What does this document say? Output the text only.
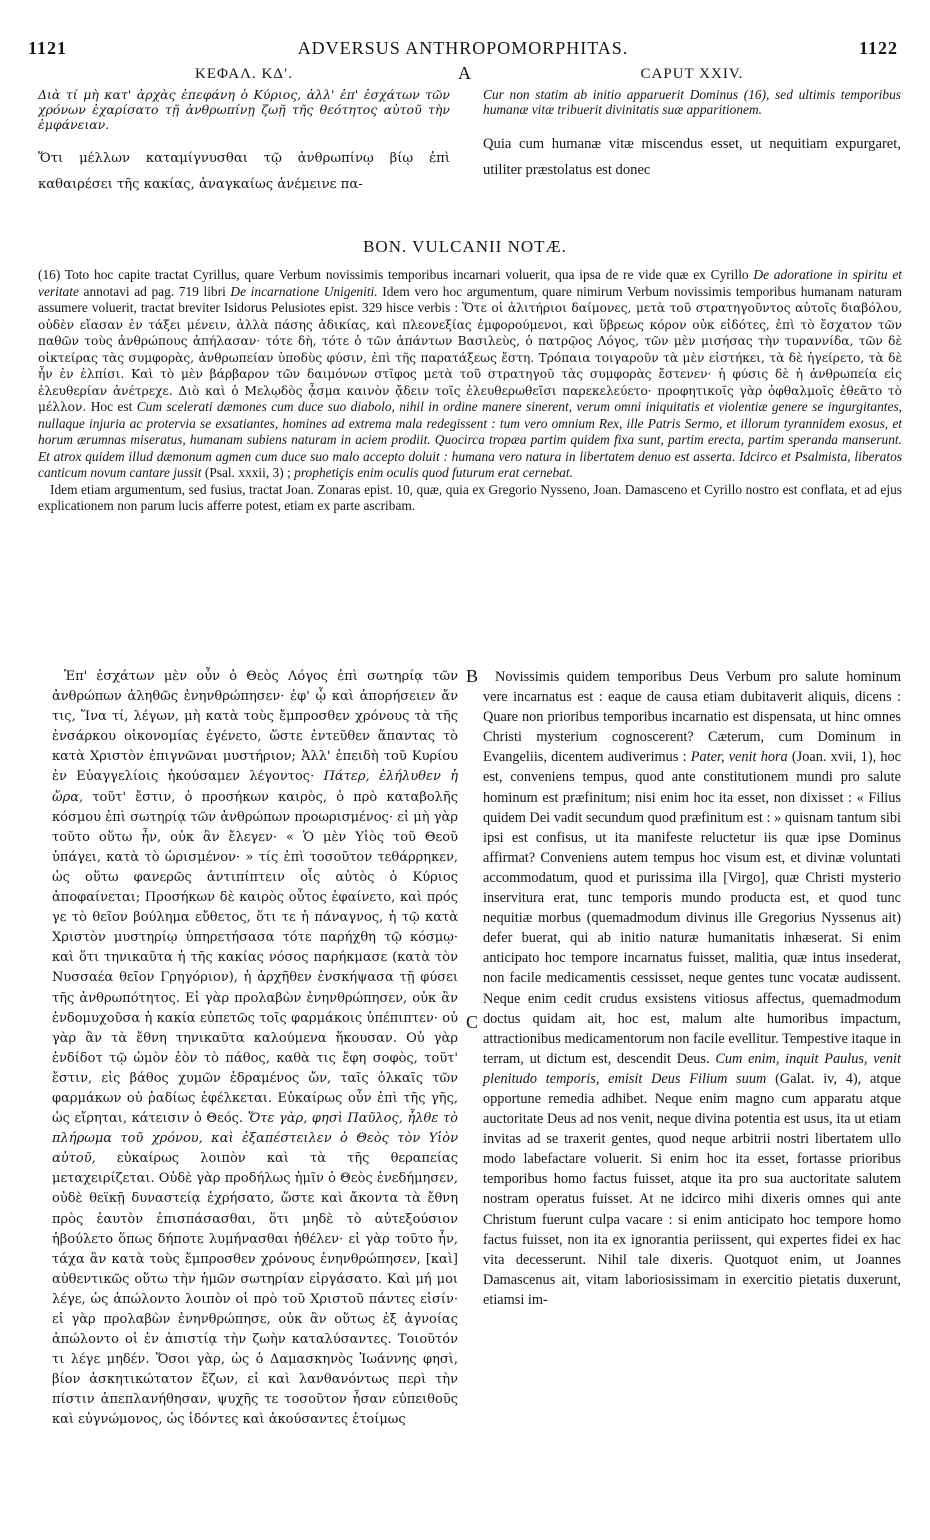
1121	ADVERSUS ANTHROPOMORPHITAS.	1122
A
ΚΕΦΑΛ. ΚΔʹ.

Διὰ τί μὴ κατ' ἀρχὰς ἐπεφάνη ὁ Κύριος, ἀλλ' ἐπ' ἐσχάτων τῶν χρόνων ἐχαρίσατο τῇ ἀνθρωπίνῃ ζωῇ τῆς θεότητος αὐτοῦ τὴν ἐμφάνειαν.

Ὅτι μέλλων καταμίγνυσθαι τῷ ἀνθρωπίνῳ βίῳ ἐπὶ καθαιρέσει τῆς κακίας, ἀναγκαίως ἀνέμεινε πα-

CAPUT XXIV.

Cur non statim ab initio apparuerit Dominus (16), sed ultimis temporibus humanæ vitæ tribuerit divinitatis suæ apparitionem.

Quia cum humanæ vitæ miscendus esset, ut nequitiam expurgaret, utiliter præstolatus est donec

BON. VULCANII NOTÆ.

(16) Toto hoc capite tractat Cyrillus, quare Verbum novissimis temporibus incarnari voluerit, qua ipsa de re vide quæ ex Cyrillo De adoratione in spiritu et veritate annotavi ad pag. 719 libri De incarnatione Unigeniti. Idem vero hoc argumentum, quare nimirum Verbum novissimis temporibus humanam naturam assumere voluerit, tractat breviter Isidorus Pelusiotes epist. 329 hisce verbis : Ὅτε οἱ ἀλιτήριοι δαίμονες, μετὰ τοῦ στρατηγοῦντος αὐτοῖς διαβόλου, οὐδὲν εἴασαν ἐν τάξει μένειν, ἀλλὰ πάσης ἀδικίας, καὶ πλεονεξίας ἐμφορούμενοι, καὶ ὕβρεως κόρον οὐκ εἰδότες, ἐπὶ τὸ ἔσχατον τῶν παθῶν τοὺς ἀνθρώπους ἀπήλασαν· τότε δὴ, τότε ὁ τῶν ἁπάντων Βασιλεὺς, ὁ πατρῷος Λόγος, τῶν μὲν μισήσας τὴν τυραννίδα, τῶν δὲ οἰκτείρας τὰς συμφορὰς, ἀνθρωπείαν ὑποδὺς φύσιν, ἐπὶ τῆς παρατάξεως ἔστη. Τρόπαια τοιγαροῦν τὰ μὲν εἱστήκει, τὰ δὲ ἠγείρετο, τὰ δὲ ἦν ἐν ἐλπίσι. Καὶ τὸ μὲν βάρβαρον τῶν δαιμόνων στῖφος μετὰ τοῦ στρατηγοῦ τὰς συμφορὰς ἔστενεν· ἡ φύσις δὲ ἡ ἀνθρωπεία εἰς ἐλευθερίαν ἀνέτρεχε. Διὸ καὶ ὁ Μελῳδὸς ᾆσμα καινὸν ᾄδειν τοῖς ἐλευθερωθεῖσι παρεκελεύετο· προφητικοῖς γὰρ ὀφθαλμοῖς ἐθεᾶτο τὸ μέλλον. Hoc est Cum scelerati dæmones cum duce suo diabolo, nihil in ordine manere sinerent, verum omni iniquitatis et violentiæ genere se ingurgitantes, nullaque injuria ac protervia se exsatiantes, homines ad extrema mala redegissent : tum vero omnium Rex, ille Patris Sermo, et illorum tyrannidem exosus, et horum ærumnas miseratus, humanam subiens naturam in aciem prodiit. Quocirca tropæa partim quidem fixa sunt, partim erecta, partim speranda manserunt. Et atrox quidem illud dæmonum agmen cum duce suo malo accepto doluit : humana vero natura in libertatem denuo est asserta. Idcirco et Psalmista, liberatos canticum novum cantare jussit (Psal. xxxii, 3) ; prophetiçis enim oculis quod futurum erat cernebat.

Idem etiam argumentum, sed fusius, tractat Joan. Zonaras epist. 10, quæ, quia ex Gregorio Nysseno, Joan. Damasceno et Cyrillo nostro est conflata, et ad ejus explicationem non parum lucis afferre potest, etiam ex parte ascribam.

B
C

Ἐπ' ἐσχάτων μὲν οὖν ὁ Θεὸς Λόγος ἐπὶ σωτηρίᾳ τῶν ἀνθρώπων ἀληθῶς ἐνηνθρώπησεν· ἐφ' ᾧ καὶ ἀπορήσειεν ἄν τις, Ἵνα τί, λέγων, μὴ κατὰ τοὺς ἔμπροσθεν χρόνους τὰ τῆς ἐνσάρκου οἰκονομίας ἐγένετο, ὥστε ἐντεῦθεν ἅπαντας τὸ κατὰ Χριστὸν ἐπιγνῶναι μυστήριον; Ἀλλ' ἐπειδὴ τοῦ Κυρίου ἐν Εὐαγγελίοις ἠκούσαμεν λέγοντος· Πάτερ, ἐλήλυθεν ἡ ὥρα, τοῦτ' ἔστιν, ὁ προσήκων καιρὸς, ὁ πρὸ καταβολῆς κόσμου ἐπὶ σωτηρίᾳ τῶν ἀνθρώπων προωρισμένος· εἰ μὴ γὰρ τοῦτο οὕτω ἦν, οὐκ ἂν ἔλεγεν· « Ὁ μὲν Υἱὸς τοῦ Θεοῦ ὑπάγει, κατὰ τὸ ὡρισμένον· » τίς ἐπὶ τοσοῦτον τεθάρρηκεν, ὡς οὕτω φανερῶς ἀντιπίπτειν οἷς αὐτὸς ὁ Κύριος ἀποφαίνεται; Προσήκων δὲ καιρὸς οὗτος ἐφαίνετο, καὶ πρός γε τὸ θεῖον βούλημα εὔθετος, ὅτι τε ἡ πάναγνος, ἡ τῷ κατὰ Χριστὸν μυστηρίῳ ὑπηρετήσασα τότε παρήχθη τῷ κόσμῳ· καὶ ὅτι τηνικαῦτα ἡ τῆς κακίας νόσος παρήκμασε (κατὰ τὸν Νυσσαέα θεῖον Γρηγόριον), ἡ ἀρχῆθεν ἐνσκήψασα τῇ φύσει τῆς ἀνθρωπότητος. Εἰ γὰρ προλαβὼν ἐνηνθρώπησεν, οὐκ ἂν ἐνδομυχοῦσα ἡ κακία εὐπετῶς τοῖς φαρμάκοις ὑπέπιπτεν· οὐ γὰρ ἂν τὰ ἔθνη τηνικαῦτα καλούμενα ἥκουσαν. Οὐ γὰρ ἐνδίδοτ τῷ ὠμὸν ἐὸν τὸ πάθος, καθὰ τις ἔφη σοφὸς, τοῦτ' ἔστιν, εἰς βάθος χυμῶν ἐδραμένος ὤν, ταῖς ὁλκαῖς τῶν φαρμάκων οὐ ῥαδίως ἐφέλκεται. Εὐκαίρως οὖν ἐπὶ τῆς γῆς, ὡς εἴρηται, κάτεισιν ὁ Θεός. Ὅτε γὰρ, φησὶ Παῦλος, ἦλθε τὸ πλήρωμα τοῦ χρόνου, καὶ ἐξαπέστειλεν ὁ Θεὸς τὸν Υἱὸν αὐτοῦ, εὐκαίρως λοιπὸν καὶ τὰ τῆς θεραπείας μεταχειρίζεται. Οὐδὲ γὰρ προδήλως ἡμῖν ὁ Θεὸς ἐνεδήμησεν, οὐδὲ θεϊκῇ δυναστείᾳ ἐχρήσατο, ὥστε καὶ ἄκοντα τὰ ἔθνη πρὸς ἑαυτὸν ἐπισπάσασθαι, ὅτι μηδὲ τὸ αὐτεξούσιον ἠβούλετο ὅπως δήποτε λυμήνασθαι ἠθέλεν· εἰ γὰρ τοῦτο ἦν, τάχα ἂν κατὰ τοὺς ἔμπροσθεν χρόνους ἐνηνθρώπησεν, [καὶ] αὐθεντικῶς οὕτω τὴν ἡμῶν σωτηρίαν εἰργάσατο. Καὶ μή μοι λέγε, ὡς ἀπώλοντο λοιπὸν οἱ πρὸ τοῦ Χριστοῦ πάντες εἰσίν· εἰ γὰρ προλαβὼν ἐνηνθρώπησε, οὐκ ἂν οὕτως ἐξ ἀγνοίας ἀπώλοντο οἱ ἐν ἀπιστίᾳ τὴν ζωὴν καταλύσαντες. Τοιοῦτόν τι λέγε μηδέν. Ὅσοι γὰρ, ὡς ὁ Δαμασκηνὸς Ἰωάννης φησὶ, βίον ἀσκητικώτατον ἔζων, εἰ καὶ λανθανόντως περὶ τὴν πίστιν ἀπεπλανήθησαν, ψυχῆς τε τοσοῦτον ἦσαν εὐπειθοῦς καὶ εὐγνώμονος, ὡς ἰδόντες καὶ ἀκούσαντες ἑτοίμως

Novissimis quidem temporibus Deus Verbum pro salute hominum vere incarnatus est : eaque de causa etiam dubitaverit aliquis, dicens : Quare non prioribus temporibus incarnatio est dispensata, ut hinc omnes Christi mysterium cognoscerent? Cæterum, cum Dominum in Evangeliis, dicentem audiverimus : Pater, venit hora (Joan. xvii, 1), hoc est, conveniens tempus, quod ante constitutionem mundi pro salute hominum est præfinitum; nisi enim hoc ita esset, non dixisset : « Filius quidem Dei vadit secundum quod præfinitum est : » quisnam tantum sibi ipsi est confisus, ut ita manifeste reluctetur iis quæ ipse Dominus affirmat? Conveniens autem tempus hoc visum est, et divinæ voluntati accommodatum, quod et purissima illa [Virgo], quæ Christi mysterio inservitura erat, tunc temporis mundo producta est, et quod tunc nequitiæ morbus (quemadmodum divinus ille Gregorius Nyssenus ait) defer buerat, qui ab initio naturæ humanitatis inhæserat. Si enim anticipato hoc tempore incarnatus fuisset, malitia, quæ intus insederat, non facile medicamentis cessisset, neque gentes tunc vocatæ audissent. Neque enim cedit crudus exsistens vitiosus affectus, quemadmodum doctus quidam ait, hoc est, malum alte humoribus impactum, attractionibus medicamentorum non facile evellitur. Tempestive itaque in terram, ut dictum est, descendit Deus. Cum enim, inquit Paulus, venit plenitudo temporis, emisit Deus Filium suum (Galat. iv, 4), atque opportune remedia adhibet. Neque enim magno cum apparatu atque auctoritate Deus ad nos venit, neque divina potentia est usus, ita ut etiam invitas ad se traxerit gentes, quod neque arbitrii nostri libertatem ullo modo labefactare voluerit. Si enim hoc ita esset, fortasse prioribus temporibus homo factus fuisset, atque ita pro sua auctoritate salutem nostram operatus fuisset. At ne idcirco mihi dixeris omnes qui ante Christum fuerunt culpa vacare : si enim anticipato hoc tempore homo factus fuisset, non ita ex ignorantia periissent, qui expertes fidei ex hac vita decesserunt. Nihil tale dixeris. Quotquot enim, ut Joannes Damascenus ait, vitam laboriosissimam in exercitio pietatis duxerunt, etiamsi im-
